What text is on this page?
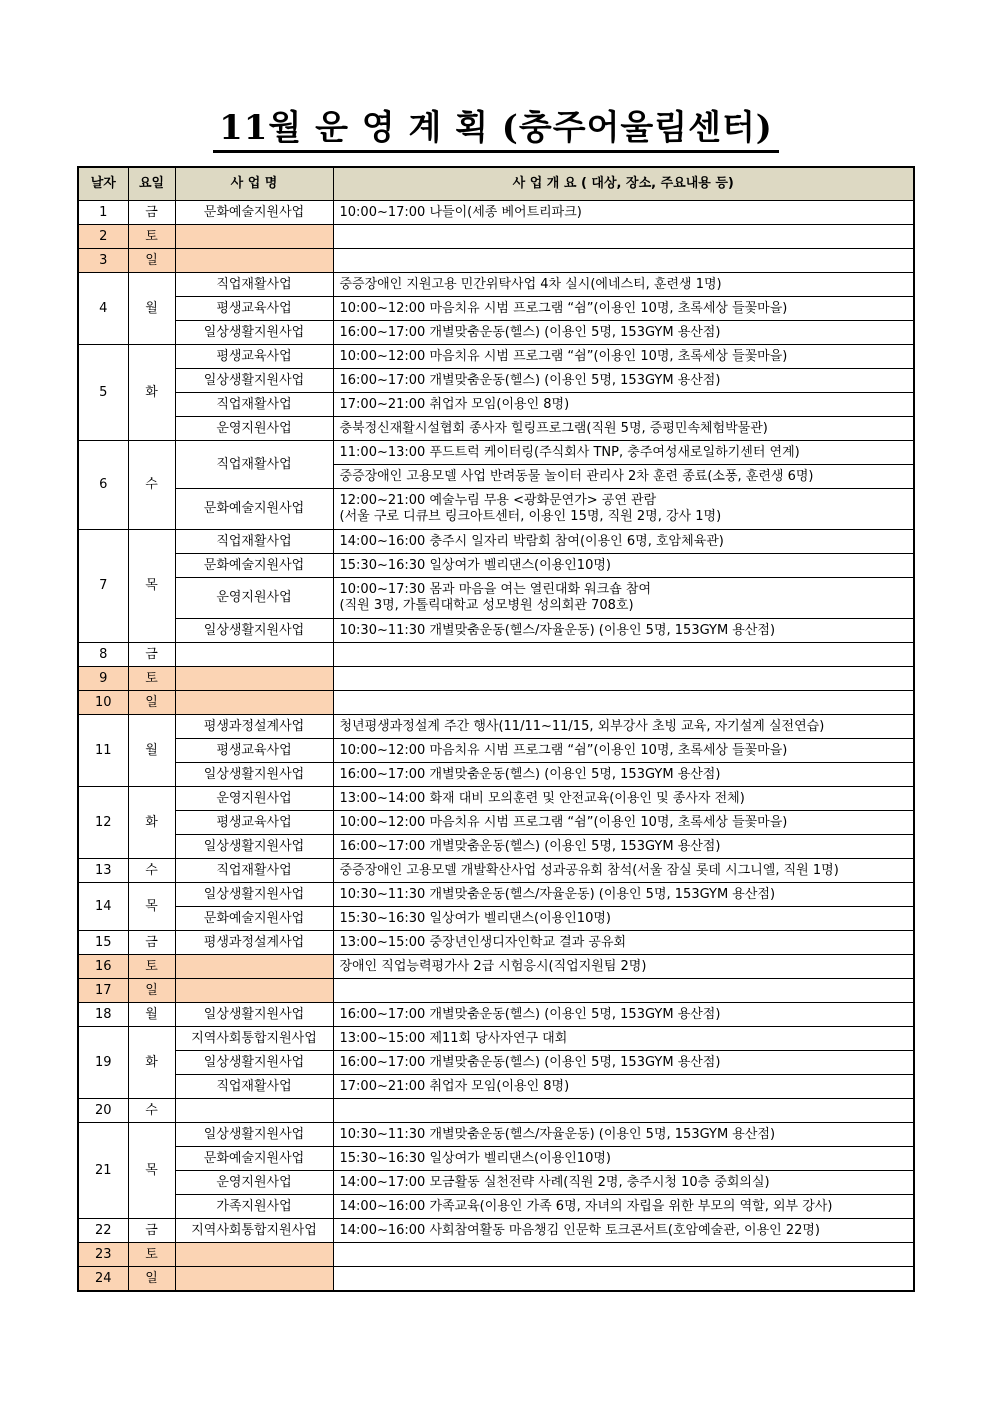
11월 운 영 계 획 (충주어울림센터)
날자	요일	사 업 명	사 업 개 요 ( 대상, 장소, 주요내용 등)
1	금	문화예술지원사업	10:00~17:00 나들이(세종 베어트리파크)
2	토		
3	일		
4	월	직업재활사업	중증장애인 지원고용 민간위탁사업 4차 실시(에네스티, 훈련생 1명)
		평생교육사업	10:00~12:00 마음치유 시범 프로그램 “쉼”(이용인 10명, 초록세상 들꽃마을)
		일상생활지원사업	16:00~17:00 개별맞춤운동(헬스) (이용인 5명, 153GYM 용산점)
5	화	평생교육사업	10:00~12:00 마음치유 시범 프로그램 “쉼”(이용인 10명, 초록세상 들꽃마을)
		일상생활지원사업	16:00~17:00 개별맞춤운동(헬스) (이용인 5명, 153GYM 용산점)
		직업재활사업	17:00~21:00 취업자 모임(이용인 8명)
		운영지원사업	충북정신재활시설협회 종사자 힐링프로그램(직원 5명, 증평민속체험박물관)
6	수	직업재활사업	11:00~13:00 푸드트럭 케이터링(주식회사 TNP, 충주여성새로일하기센터 연계)
			중증장애인 고용모델 사업 반려동물 놀이터 관리사 2차 훈련 종료(소풍, 훈련생 6명)
		문화예술지원사업	12:00~21:00 예술누림 무용 <광화문연가> 공연 관람
(서울 구로 디큐브 링크아트센터, 이용인 15명, 직원 2명, 강사 1명)
7	목	직업재활사업	14:00~16:00 충주시 일자리 박람회 참여(이용인 6명, 호암체육관)
		문화예술지원사업	15:30~16:30 일상여가 벨리댄스(이용인10명)
		운영지원사업	10:00~17:30 몸과 마음을 여는 열린대화 워크숍 참여
(직원 3명, 가톨릭대학교 성모병원 성의회관 708호)
		일상생활지원사업	10:30~11:30 개별맞춤운동(헬스/자율운동) (이용인 5명, 153GYM 용산점)
8	금		
9	토		
10	일		
11	월	평생과정설계사업	청년평생과정설계 주간 행사(11/11~11/15, 외부강사 초빙 교육, 자기설계 실전연습)
		평생교육사업	10:00~12:00 마음치유 시범 프로그램 “쉼”(이용인 10명, 초록세상 들꽃마을)
		일상생활지원사업	16:00~17:00 개별맞춤운동(헬스) (이용인 5명, 153GYM 용산점)
12	화	운영지원사업	13:00~14:00 화재 대비 모의훈련 및 안전교육(이용인 및 종사자 전체)
		평생교육사업	10:00~12:00 마음치유 시범 프로그램 “쉼”(이용인 10명, 초록세상 들꽃마을)
		일상생활지원사업	16:00~17:00 개별맞춤운동(헬스) (이용인 5명, 153GYM 용산점)
13	수	직업재활사업	중증장애인 고용모델 개발확산사업 성과공유회 참석(서울 잠실 롯데 시그니엘, 직원 1명)
14	목	일상생활지원사업	10:30~11:30 개별맞춤운동(헬스/자율운동) (이용인 5명, 153GYM 용산점)
		문화예술지원사업	15:30~16:30 일상여가 벨리댄스(이용인10명)
15	금	평생과정설계사업	13:00~15:00 중장년인생디자인학교 결과 공유회
16	토		장애인 직업능력평가사 2급 시험응시(직업지원팀 2명)
17	일		
18	월	일상생활지원사업	16:00~17:00 개별맞춤운동(헬스) (이용인 5명, 153GYM 용산점)
19	화	지역사회통합지원사업	13:00~15:00 제11회 당사자연구 대회
		일상생활지원사업	16:00~17:00 개별맞춤운동(헬스) (이용인 5명, 153GYM 용산점)
		직업재활사업	17:00~21:00 취업자 모임(이용인 8명)
20	수		
21	목	일상생활지원사업	10:30~11:30 개별맞춤운동(헬스/자율운동) (이용인 5명, 153GYM 용산점)
		문화예술지원사업	15:30~16:30 일상여가 벨리댄스(이용인10명)
		운영지원사업	14:00~17:00 모금활동 실천전략 사례(직원 2명, 충주시청 10층 중회의실)
		가족지원사업	14:00~16:00 가족교육(이용인 가족 6명, 자녀의 자립을 위한 부모의 역할, 외부 강사)
22	금	지역사회통합지원사업	14:00~16:00 사회참여활동 마음챙김 인문학 토크콘서트(호암예술관, 이용인 22명)
23	토		
24	일		
